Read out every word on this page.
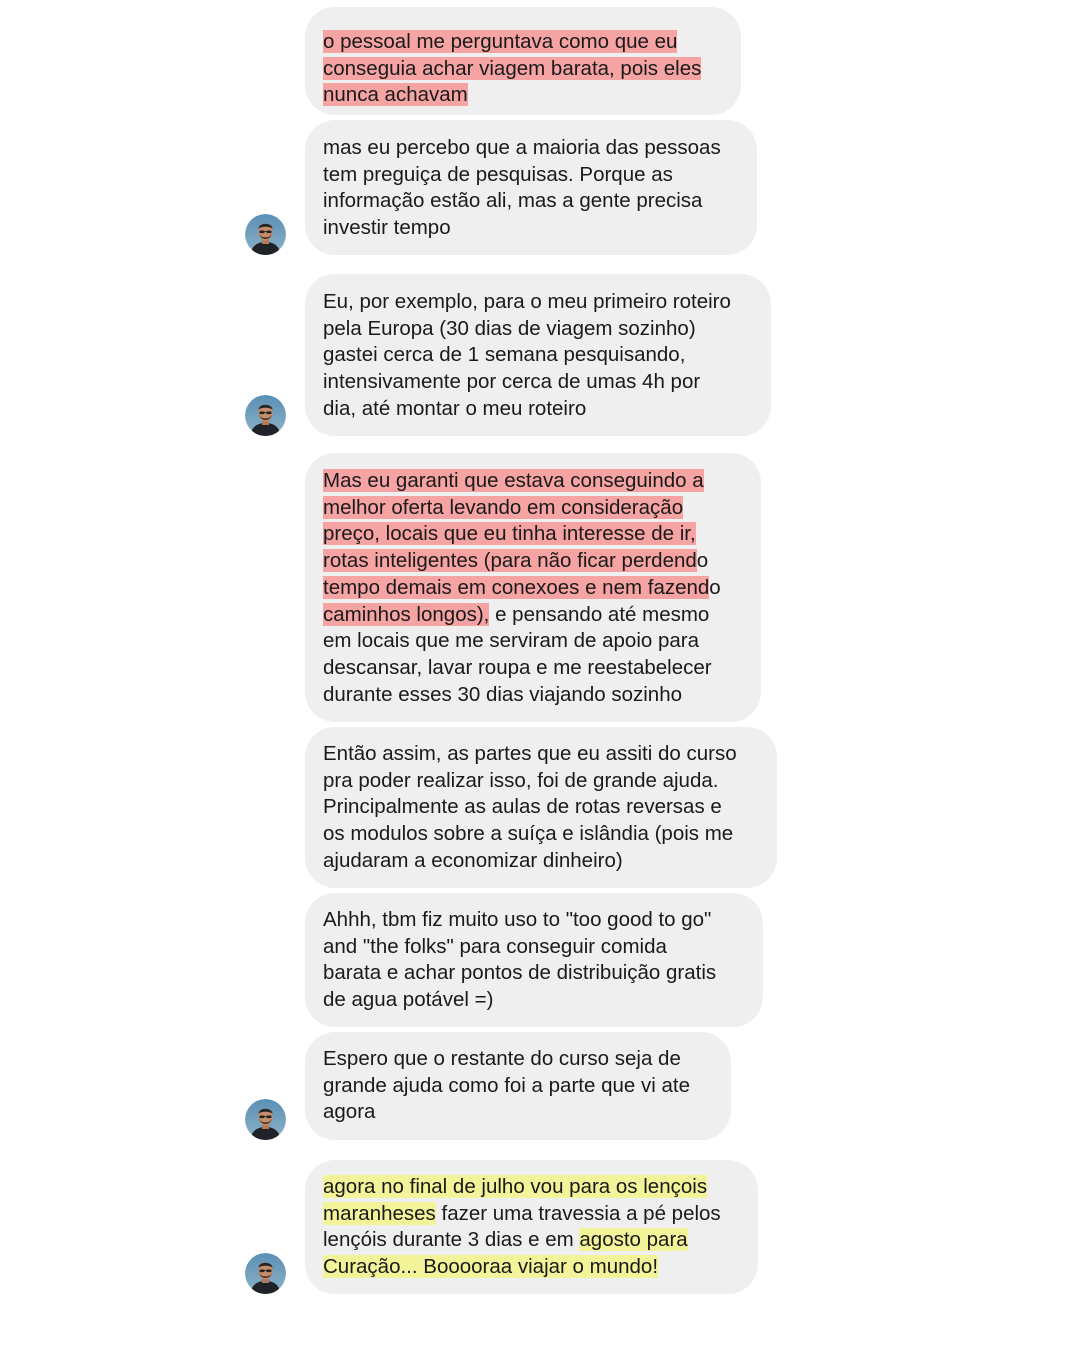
o pessoal me perguntava como que eu
conseguia achar viagem barata, pois eles
nunca achavam
mas eu percebo que a maioria das pessoas
tem preguiça de pesquisas. Porque as
informação estão ali, mas a gente precisa
investir tempo
Eu, por exemplo, para o meu primeiro roteiro
pela Europa (30 dias de viagem sozinho)
gastei cerca de 1 semana pesquisando,
intensivamente por cerca de umas 4h por
dia, até montar o meu roteiro
Mas eu garanti que estava conseguindo a
melhor oferta levando em consideração
preço, locais que eu tinha interesse de ir,
rotas inteligentes (para não ficar perdendo
tempo demais em conexoes e nem fazendo
caminhos longos), e pensando até mesmo
em locais que me serviram de apoio para
descansar, lavar roupa e me reestabelecer
durante esses 30 dias viajando sozinho
Então assim, as partes que eu assiti do curso
pra poder realizar isso, foi de grande ajuda.
Principalmente as aulas de rotas reversas e
os modulos sobre a suíça e islândia (pois me
ajudaram a economizar dinheiro)
Ahhh, tbm fiz muito uso to "too good to go"
and "the folks" para conseguir comida
barata e achar pontos de distribuição gratis
de agua potável =)
Espero que o restante do curso seja de
grande ajuda como foi a parte que vi ate
agora
agora no final de julho vou para os lençois
maranheses fazer uma travessia a pé pelos
lençóis durante 3 dias e em agosto para
Curação... Booooraa viajar o mundo!
